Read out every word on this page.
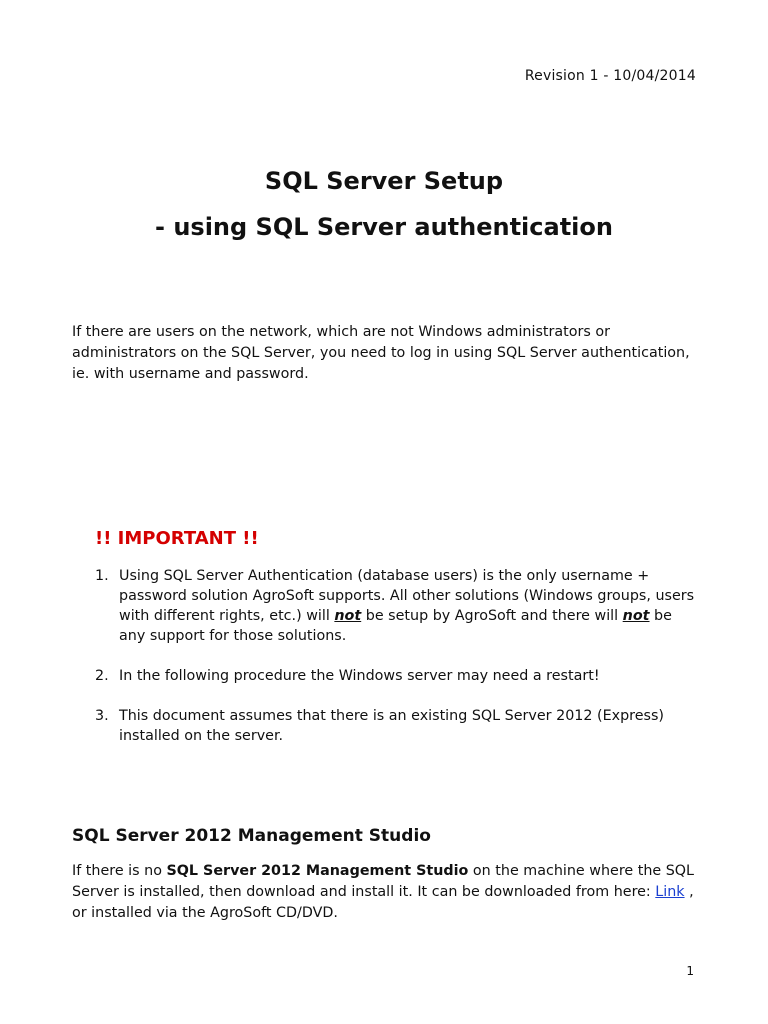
Revision 1 - 10/04/2014
SQL Server Setup
- using SQL Server authentication

If there are users on the network, which are not Windows administrators or administrators on the SQL Server, you need to log in using SQL Server authentication, ie. with username and password.

!! IMPORTANT !!
1. Using SQL Server Authentication (database users) is the only username + password solution AgroSoft supports. All other solutions (Windows groups, users with different rights, etc.) will not be setup by AgroSoft and there will not be any support for those solutions.
2. In the following procedure the Windows server may need a restart!
3. This document assumes that there is an existing SQL Server 2012 (Express) installed on the server.
SQL Server 2012 Management Studio

If there is no SQL Server 2012 Management Studio on the machine where the SQL Server is installed, then download and install it. It can be downloaded from here: Link , or installed via the AgroSoft CD/DVD.

1
